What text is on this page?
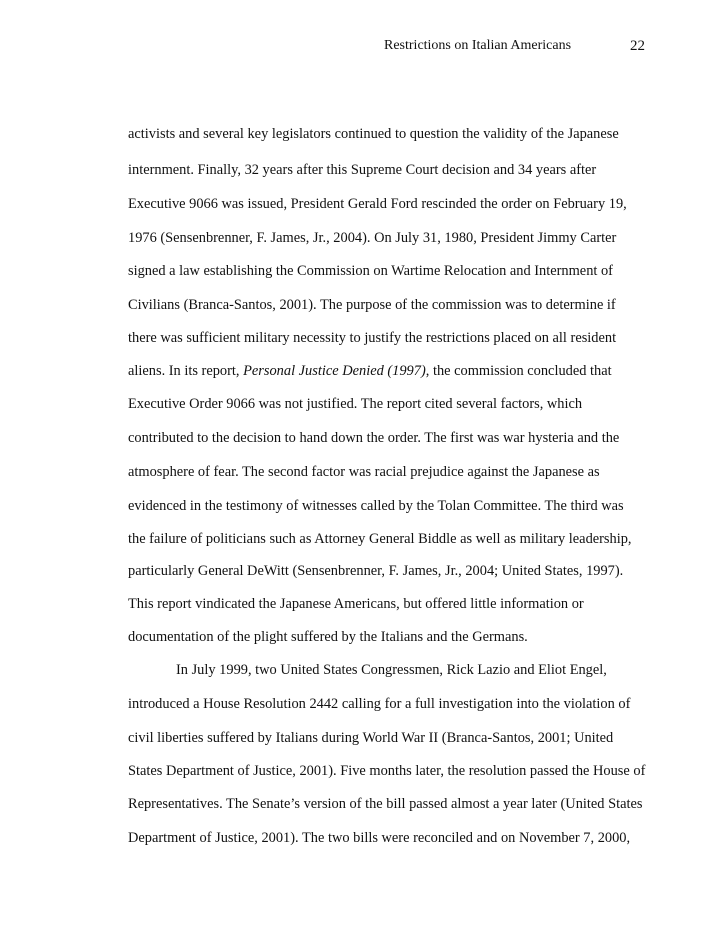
Restrictions on Italian Americans	22
activists and several key legislators continued to question the validity of the Japanese
internment. Finally, 32 years after this Supreme Court decision and 34 years after
Executive 9066 was issued, President Gerald Ford rescinded the order on February 19,
1976 (Sensenbrenner, F. James, Jr., 2004). On July 31, 1980, President Jimmy Carter
signed a law establishing the Commission on Wartime Relocation and Internment of
Civilians (Branca-Santos, 2001). The purpose of the commission was to determine if
there was sufficient military necessity to justify the restrictions placed on all resident
aliens. In its report, Personal Justice Denied (1997), the commission concluded that
Executive Order 9066 was not justified. The report cited several factors, which
contributed to the decision to hand down the order. The first was war hysteria and the
atmosphere of fear. The second factor was racial prejudice against the Japanese as
evidenced in the testimony of witnesses called by the Tolan Committee. The third was
the failure of politicians such as Attorney General Biddle as well as military leadership,
particularly General DeWitt (Sensenbrenner, F. James, Jr., 2004; United States, 1997).
This report vindicated the Japanese Americans, but offered little information or
documentation of the plight suffered by the Italians and the Germans.
In July 1999, two United States Congressmen, Rick Lazio and Eliot Engel,
introduced a House Resolution 2442 calling for a full investigation into the violation of
civil liberties suffered by Italians during World War II (Branca-Santos, 2001; United
States Department of Justice, 2001). Five months later, the resolution passed the House of
Representatives. The Senate’s version of the bill passed almost a year later (United States
Department of Justice, 2001). The two bills were reconciled and on November 7, 2000,
